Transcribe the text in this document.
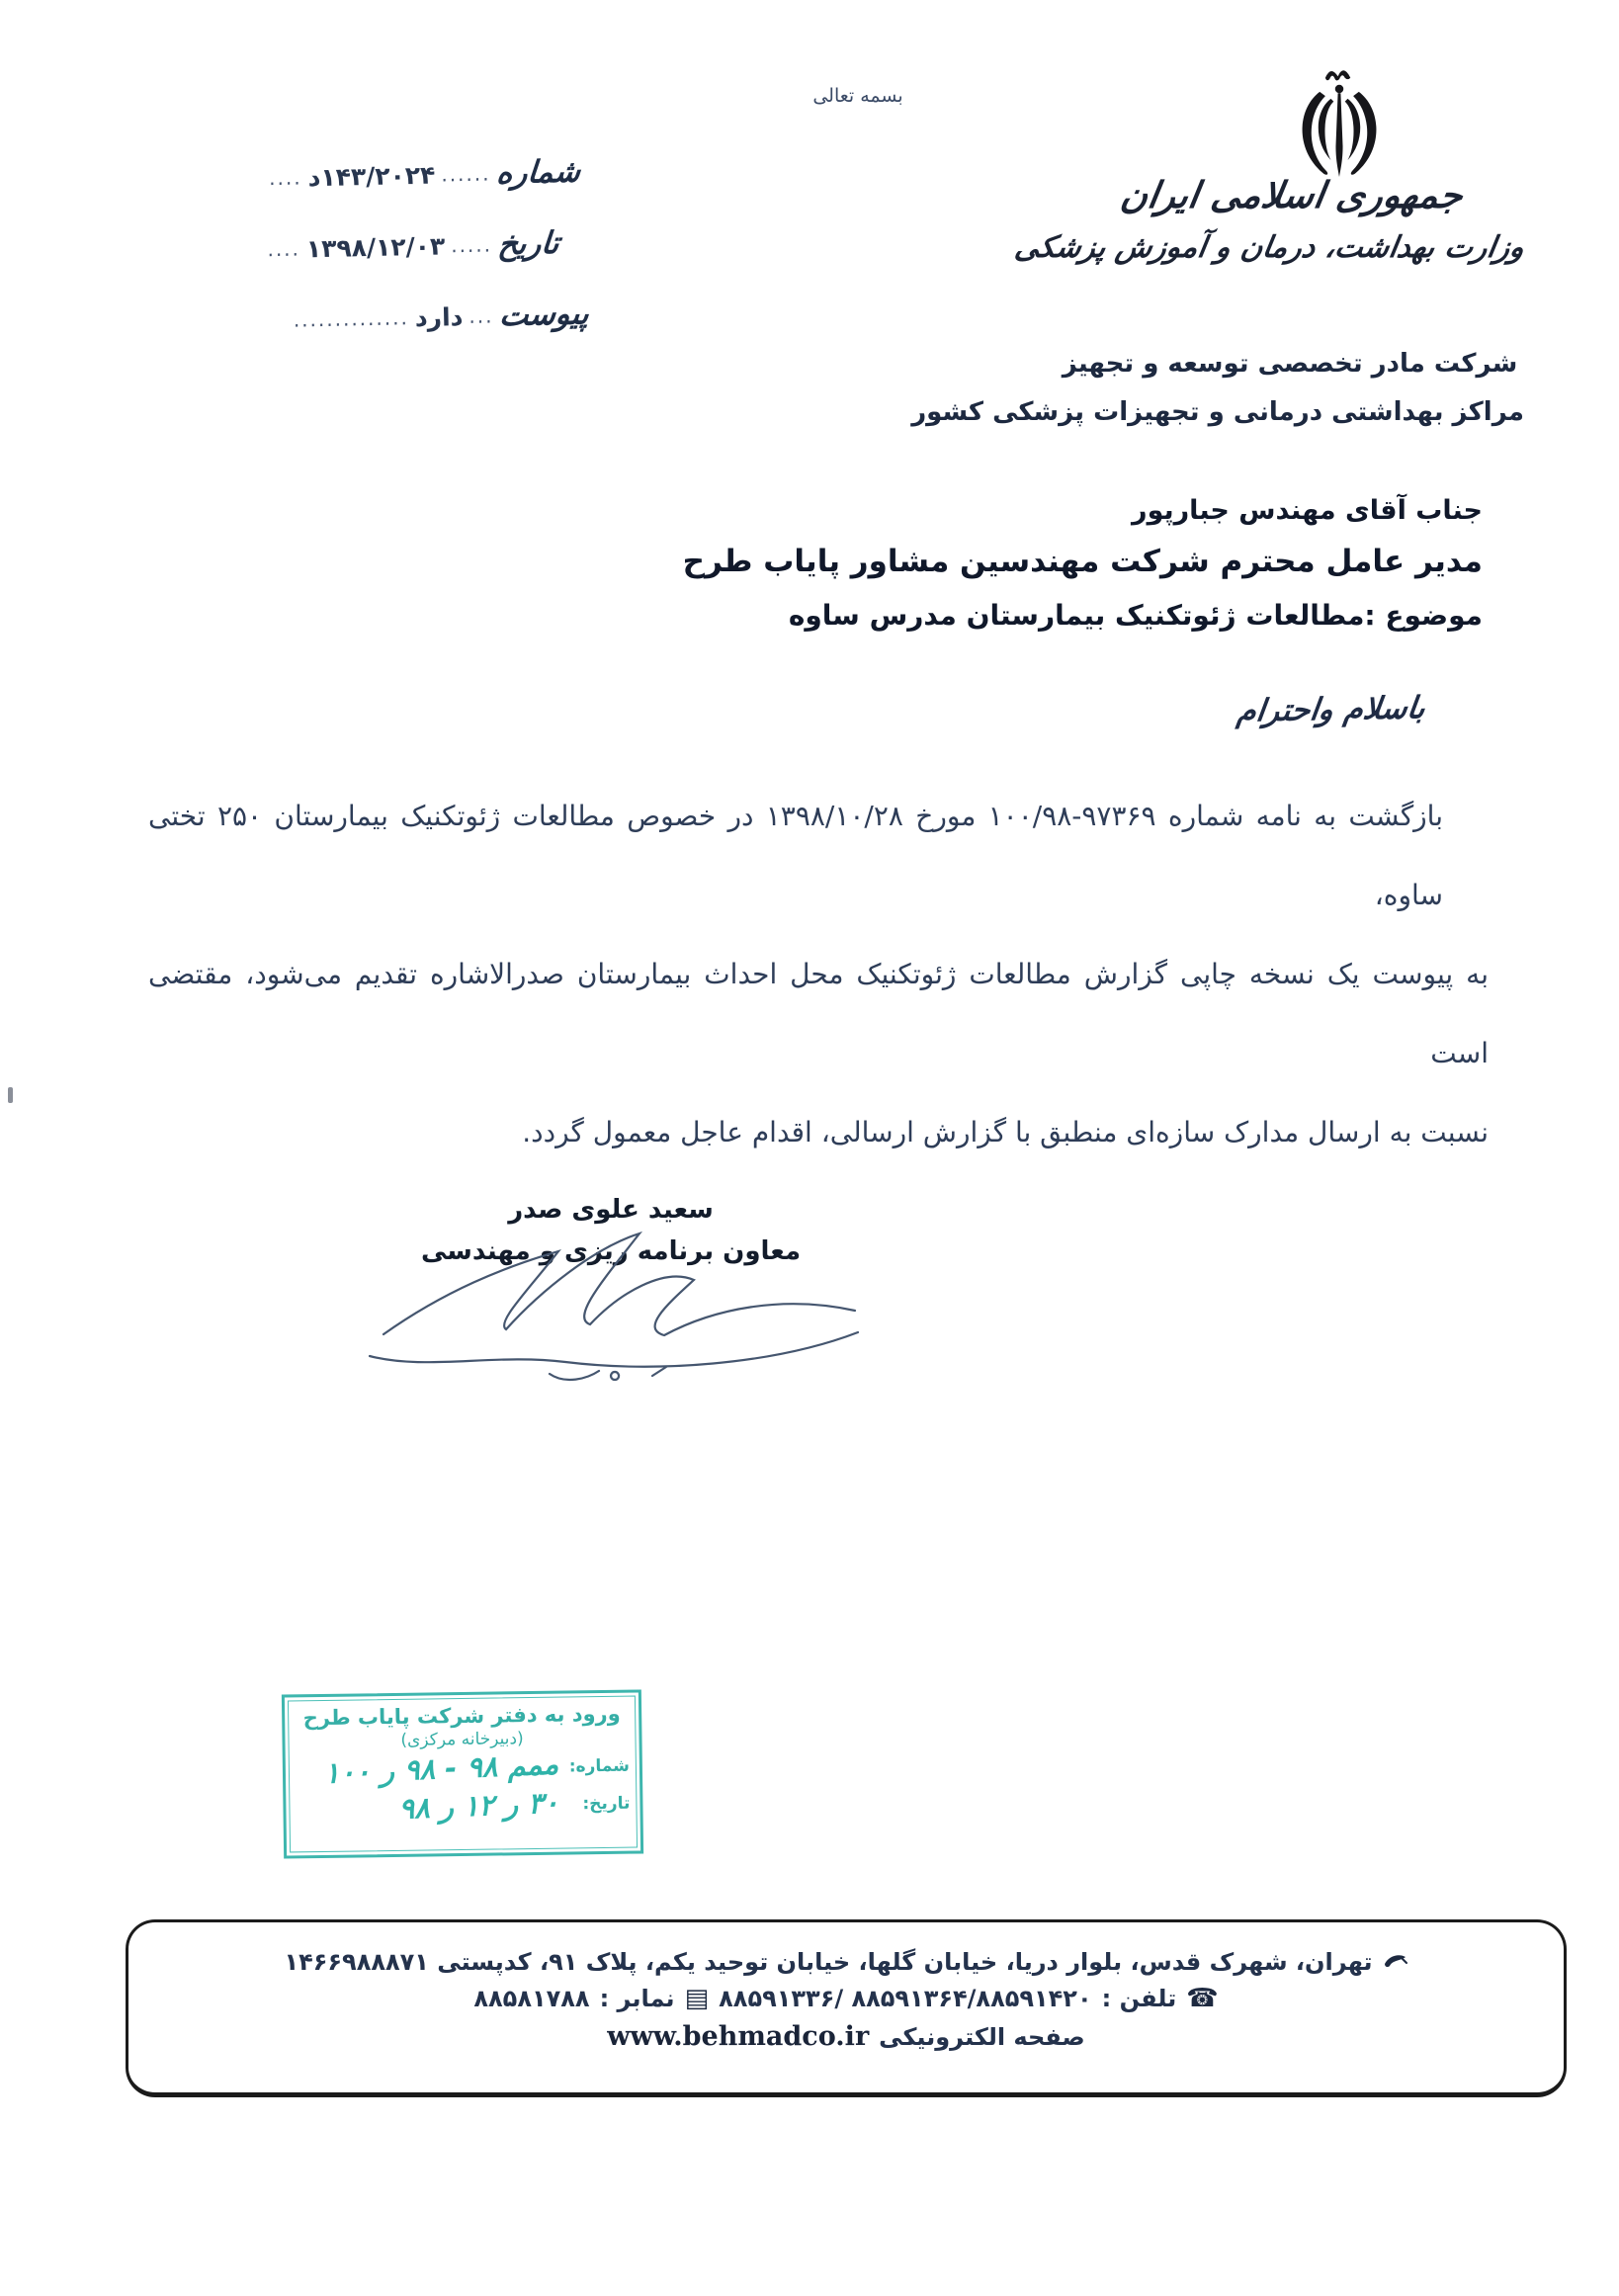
بسمه تعالی
جمهوری اسلامی ایران
وزارت بهداشت، درمان و آموزش پزشکی
شماره
......
د۱۴۳/۲۰۲۴
....
تاریخ
.....
۱۳۹۸/۱۲/۰۳
....
پیوست
...
دارد
..............
شرکت مادر تخصصی توسعه و تجهیز
مراکز بهداشتی درمانی و تجهیزات پزشکی کشور
جناب آقای مهندس جبارپور
مدیر عامل محترم شرکت مهندسین مشاور پایاب طرح
موضوع :مطالعات ژئوتکنیک بیمارستان مدرس ساوه
باسلام واحترام
بازگشت به نامه شماره ۹۷۳۶۹-۱۰۰/۹۸ مورخ ۱۳۹۸/۱۰/۲۸ در خصوص مطالعات ژئوتکنیک بیمارستان ۲۵۰ تختی ساوه،
به پیوست یک نسخه چاپی گزارش مطالعات ژئوتکنیک محل احداث بیمارستان صدرالاشاره تقدیم می‌شود، مقتضی است
نسبت به ارسال مدارک سازه‌ای منطبق با گزارش ارسالی، اقدام عاجل معمول گردد.
سعید علوی صدر
معاون برنامه ریزی و مهندسی
ورود به دفتر شرکت پایاب طرح
(دبیرخانه مرکزی)
شماره:
۱۰۰ ر ۹۸ - ۹۸ ممم
تاریخ:
۹۸ ر ۱۲ ر ۳۰
تهران، شهرک قدس، بلوار دریا، خیابان گلها، خیابان توحید یکم، پلاک ۹۱، کدپستی ۱۴۶۶۹۸۸۸۷۱
☎
تلفن :
۸۸۵۹۱۳۳۶/ ۸۸۵۹۱۳۶۴/۸۸۵۹۱۴۲۰
▤
نمابر :
۸۸۵۸۱۷۸۸
صفحه الکترونیکی
www.behmadco.ir
